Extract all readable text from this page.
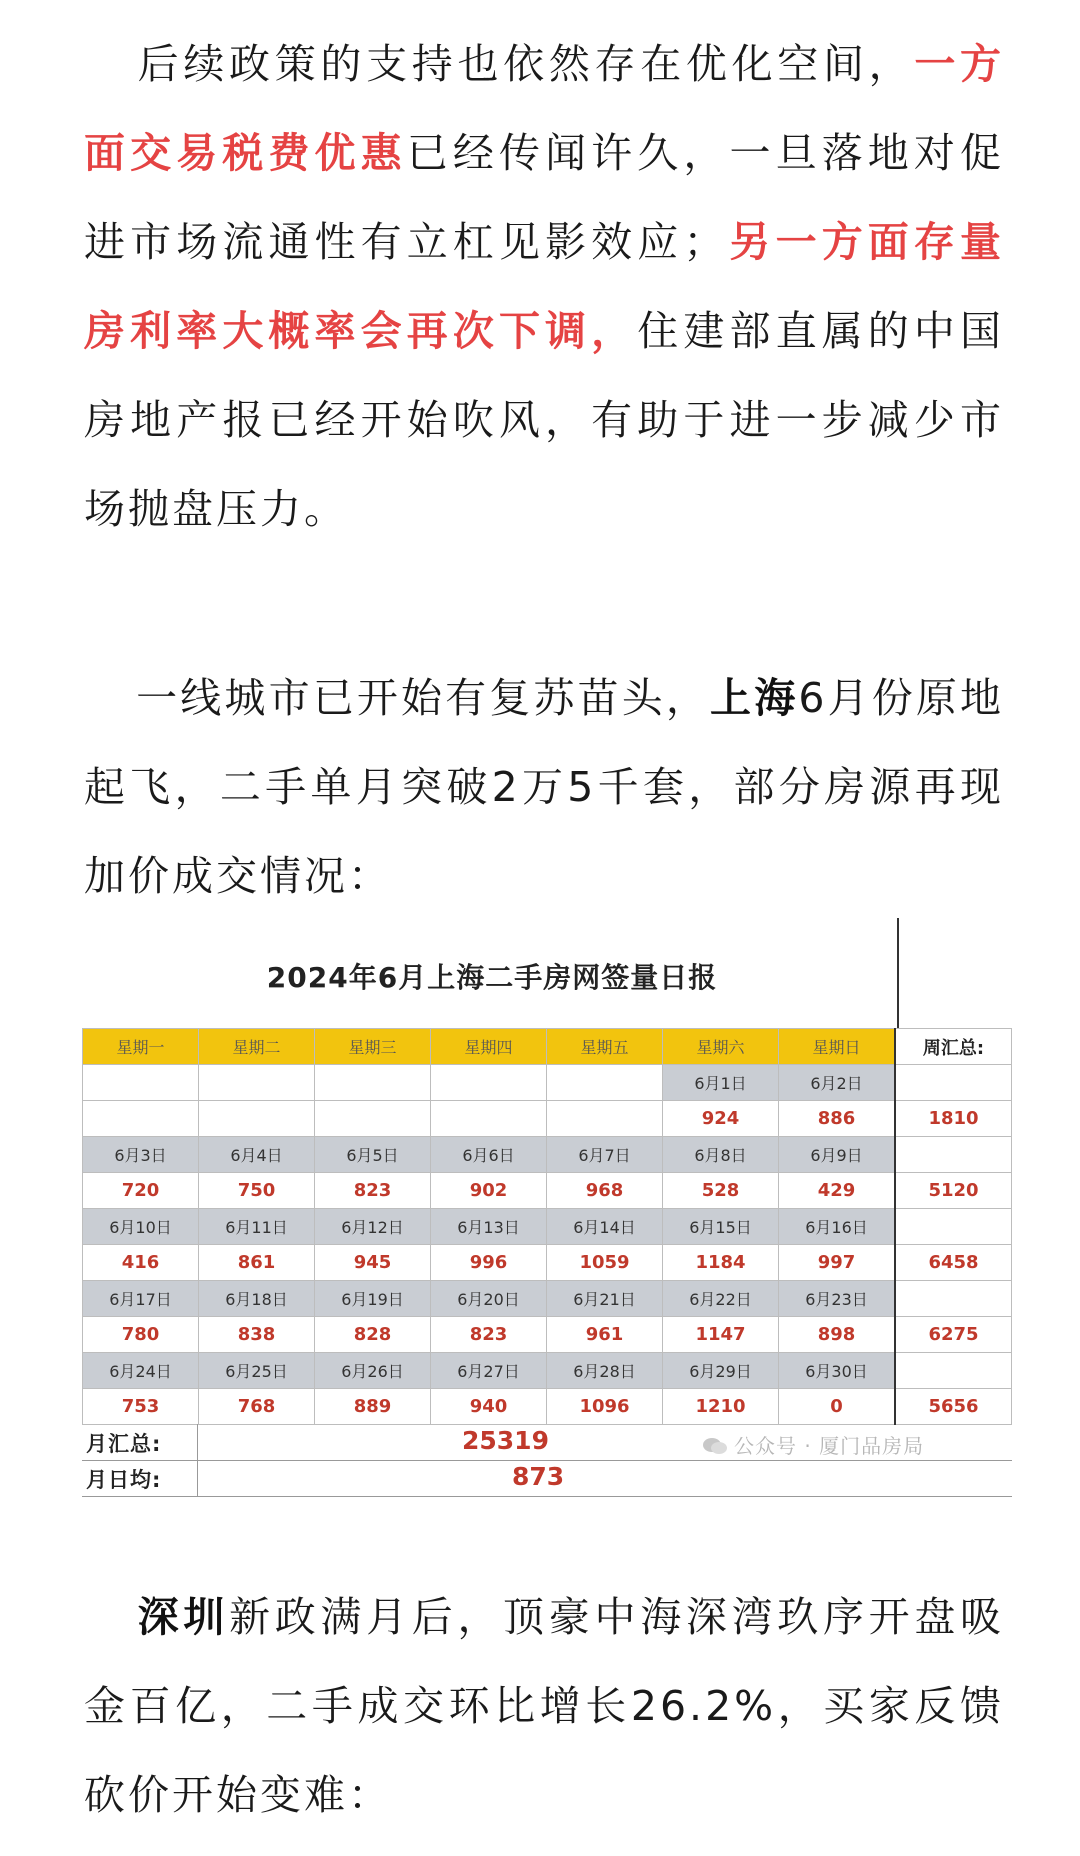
后续政策的支持也依然存在优化空间，一方面交易税费优惠已经传闻许久，一旦落地对促进市场流通性有立杠见影效应；另一方面存量房利率大概率会再次下调，住建部直属的中国房地产报已经开始吹风，有助于进一步减少市场抛盘压力。

一线城市已开始有复苏苗头，上海6月份原地起飞，二手单月突破2万5千套，部分房源再现加价成交情况：

2024年6月上海二手房网签量日报
星期一	星期二	星期三	星期四	星期五	星期六	星期日	周汇总:
					6月1日	6月2日	
					924	886	1810
6月3日	6月4日	6月5日	6月6日	6月7日	6月8日	6月9日	
720	750	823	902	968	528	429	5120
6月10日	6月11日	6月12日	6月13日	6月14日	6月15日	6月16日	
416	861	945	996	1059	1184	997	6458
6月17日	6月18日	6月19日	6月20日	6月21日	6月22日	6月23日	
780	838	828	823	961	1147	898	6275
6月24日	6月25日	6月26日	6月27日	6月28日	6月29日	6月30日	
753	768	889	940	1096	1210	0	5656
月汇总:	25319
月日均:	873
公众号 · 厦门品房局

深圳新政满月后，顶豪中海深湾玖序开盘吸金百亿，二手成交环比增长26.2%，买家反馈砍价开始变难：
